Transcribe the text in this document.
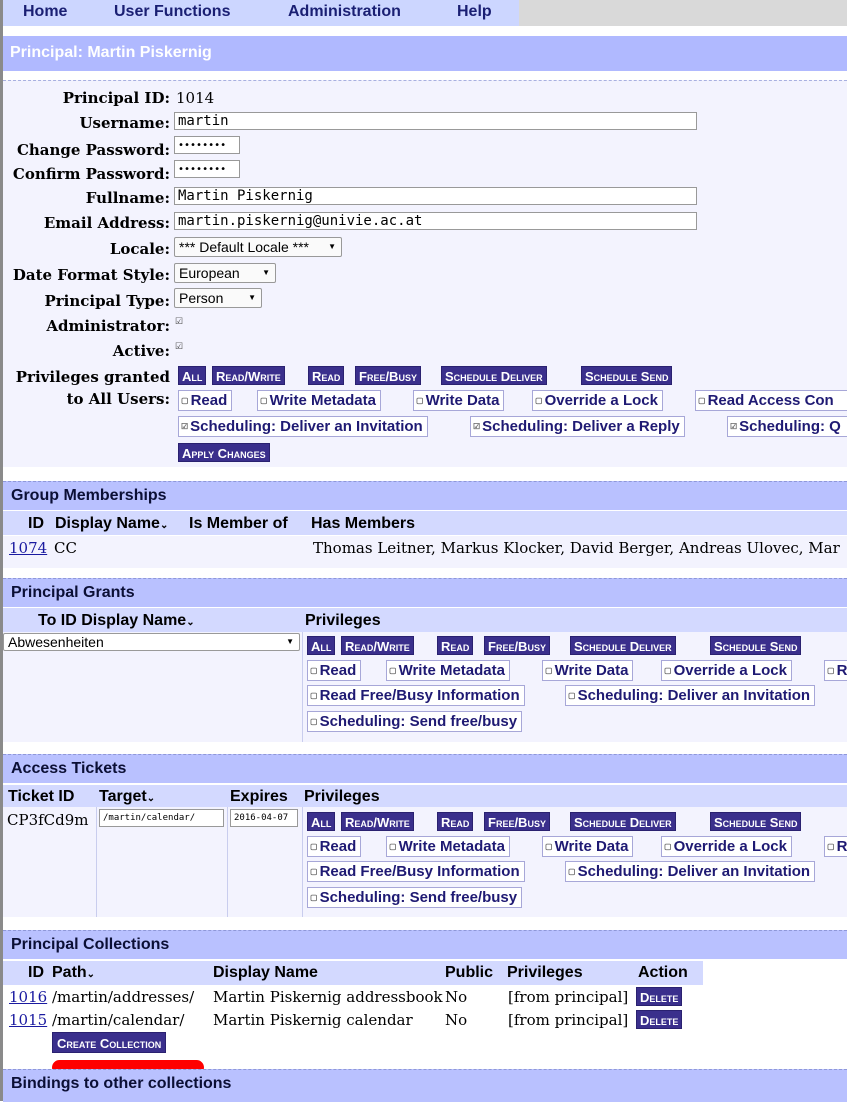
Home	User Functions	Administration	Help
Principal: Martin Piskernig
Principal ID: 1014
Username: martin
Change Password: ••••••••
Confirm Password: ••••••••
Fullname: Martin Piskernig
Email Address: martin.piskernig@univie.ac.at
Locale: *** Default Locale *** ▼
Date Format Style: European	▼
Principal Type: Person	▼
Administrator: ☑
Active: ☑
Privileges granted
to All Users:
All	Read/Write	Read	Free/Busy	Schedule Deliver	Schedule Send
▢ Read	▢ Write Metadata	▢ Write Data	▢ Override a Lock	▢ Read Access Con
☑ Scheduling: Deliver an Invitation	☑ Scheduling: Deliver a Reply	☑ Scheduling: Q
Apply Changes
Group Memberships
ID Display Name⌄ Is Member of Has Members
1074 CC	Thomas Leitner, Markus Klocker, David Berger, Andreas Ulovec, Mar
Principal Grants
To ID Display Name⌄	Privileges
Abwesenheiten	▼	All	Read/Write	Read	Free/Busy	Schedule Deliver	Schedule Send
▢ Read	▢ Write Metadata	▢ Write Data	▢ Override a Lock	▢ R
▢ Read Free/Busy Information	▢ Scheduling: Deliver an Invitation
▢ Scheduling: Send free/busy
Access Tickets
Ticket ID Target⌄	Expires Privileges
CP3fCd9m	/martin/calendar/	2016-04-07	All	Read/Write	Read	Free/Busy	Schedule Deliver	Schedule Send
▢ Read	▢ Write Metadata	▢ Write Data	▢ Override a Lock	▢ R
▢ Read Free/Busy Information	▢ Scheduling: Deliver an Invitation
▢ Scheduling: Send free/busy
Principal Collections
ID Path⌄	Display Name	Public Privileges	Action
1016 /martin/addresses/ Martin Piskernig addressbook No	[from principal] Delete
1015 /martin/calendar/ Martin Piskernig calendar No	[from principal] Delete
Create Collection
Bindings to other collections
